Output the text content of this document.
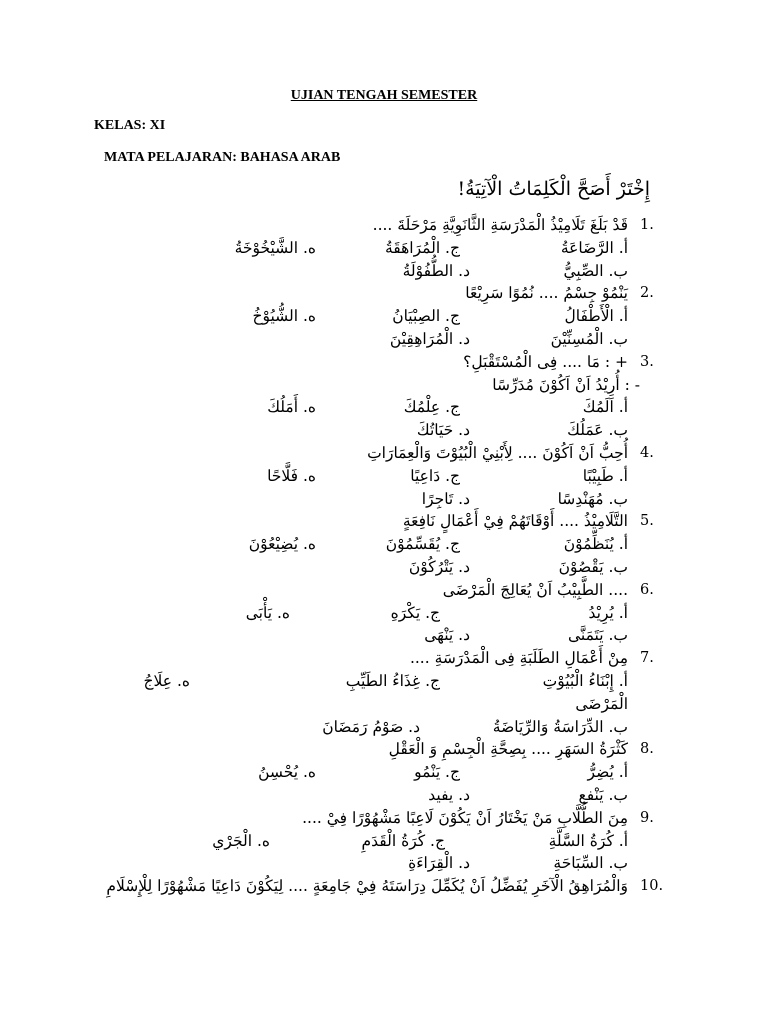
UJIAN TENGAH SEMESTER
KELAS: XI
MATA PELAJARAN: BAHASA ARAB
إِخْتَرْ أَصَحَّ الْكَلِمَاتُ الْآتِيَةُ!
1.
قَدْ بَلَغَ تَلَامِيْذُ الْمَدْرَسَةِ الثَّانَوِيَّةِ مَرْحَلَةَ ....
أ. الرَّضَاعَةُ
ج. الْمُرَاهَقَةُ
ه. الشَّيْخُوْخَةُ
ب. الصِّبِيُّ
د. الطُّفُوْلَةُ
2.
يَنْمُوْ جِسْمُ .... نُمُوًا سَرِيْعًا
أ. الْأَطْفَالُ
ج. الصِبْيَانُ
ه. الشُّيُوْخُ
ب. الْمُسِنِّيْنَ
د. الْمُرَاهِقِيْنَ
3.
+ : مَا .... فِى الْمُسْتَقْبَلِ؟
- : أُرِيْدُ اَنْ اَكُوْنَ مُدَرِّسًا
أ. اَلَمُكَ
ج. عِلْمُكَ
ه. أَمَلُكَ
ب. عَمَلُكَ
د. حَيَاتُكَ
4.
أُحِبُّ اَنْ اَكُوْنَ .... لِأَبْنِيْ الْبُيُوْتَ وَالْعِمَارَاتِ
أ. طَبِيْبًا
ج. دَاعِيًا
ه. فَلَّاحًا
ب. مُهَنْدِسًا
د. تَاجِرًا
5.
التَّلَامِيْذُ .... أَوْقَاتَهُمْ فِيْ أَعْمَالٍ نَافِعَةٍ
أ. يُنَظِّمُوْنَ
ج. يُقَسِّمُوْنَ
ه. يُضِيْعُوْنَ
ب. يَقْصُوْنَ
د. يَتْرُكُوْنَ
6.
.... الطَّبِيْبُ اَنْ يُعَالِجَ الْمَرْضَى
أ. يُرِيْدُ
ج. يَكْرَهِ
ه. يَأْبَى
ب. يَتَمَنَّى
د. يَنْهَى
7.
مِنْ أَعْمَالِ الطَلَبَةِ فِى الْمَدْرَسَةِ ....
أ. إِبْنَاءُ الْبُيُوْتِ
ج. غِذَاءُ الطَيِّبِ
ه. عِلَاجُ
الْمَرْضَى
ب. الدِّرَاسَةُ وَالرِّيَاضَةُ
د. صَوْمُ رَمَضَانَ
8.
كَثْرَةُ السَهَرِ .... بِصِحَّةِ الْجِسْمِ وَ الْعَقْلِ
أ. يُضِرُّ
ج. يَنْمُو
ه. يُحْسِنُ
ب. يَنْفع
د. يفيد
9.
مِنَ الطُّلَّابِ مَنْ يَخْتَارُ اَنْ يَكُوْنَ لَاعِبًا مَشْهُوْرًا فِيْ ....
أ. كُرَةُ السَّلَّةِ
ج. كُرَةُ الْقَدَمِ
ه. الْجَرْي
ب. السِّبَاحَةِ
د. الْقِرَاءَةِ
10.
وَالْمُرَاهِقُ الْآخَرِ يُفَضِّلُ اَنْ يُكَمِّلَ دِرَاسَتَهُ فِيْ جَامِعَةٍ .... لِيَكُوْنَ دَاعِيًا مَشْهُوْرًا لِلْإِسْلَامِ
